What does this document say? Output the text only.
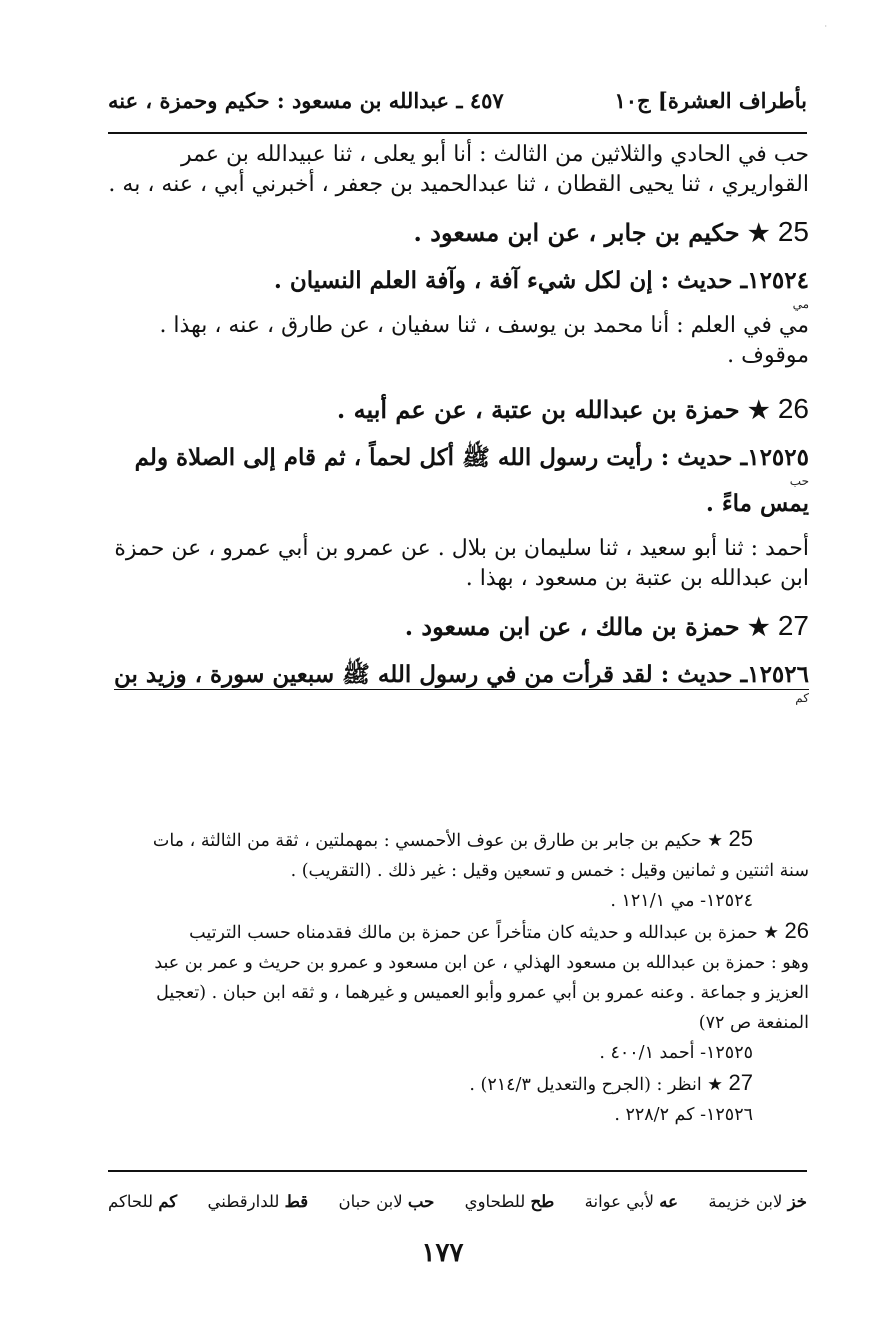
·
بأطراف العشرة] ج١٠
٤٥٧ ـ عبدالله بن مسعود : حكيم وحمزة ، عنه

حب في الحادي والثلاثين من الثالث : أنا أبو يعلى ، ثنا عبيدالله بن عمر

القواريري ، ثنا يحيى القطان ، ثنا عبدالحميد بن جعفر ، أخبرني أبي ، عنه ، به .

25 ★ حكيم بن جابر ، عن ابن مسعود .

١٢٥٢٤ـ حديث : إن لكل شيء آفة ، وآفة العلم النسيان .

مي

مي في العلم : أنا محمد بن يوسف ، ثنا سفيان ، عن طارق ، عنه ، بهذا .

موقوف .

26 ★ حمزة بن عبدالله بن عتبة ، عن عم أبيه .

١٢٥٢٥ـ حديث : رأيت رسول الله ﷺ أكل لحماً ، ثم قام إلى الصلاة ولم

حب

يمس ماءً .

أحمد : ثنا أبو سعيد ، ثنا سليمان بن بلال . عن عمرو بن أبي عمرو ، عن حمزة

ابن عبدالله بن عتبة بن مسعود ، بهذا .

27 ★ حمزة بن مالك ، عن ابن مسعود .

١٢٥٢٦ـ حديث : لقد قرأت من في رسول الله ﷺ سبعين سورة ، وزيد بن

كم

25 ★ حكيم بن جابر بن طارق بن عوف الأحمسي : بمهملتين ، ثقة من الثالثة ، مات

سنة اثنتين و ثمانين وقيل : خمس و تسعين وقيل : غير ذلك . (التقريب) .

١٢٥٢٤- مي ١٢١/١ .

26 ★ حمزة بن عبدالله و حديثه كان متأخراً عن حمزة بن مالك فقدمناه حسب الترتيب

وهو : حمزة بن عبدالله بن مسعود الهذلي ، عن ابن مسعود و عمرو بن حريث و عمر بن عبد

العزيز و جماعة . وعنه عمرو بن أبي عمرو وأبو العميس و غيرهما ، و ثقه ابن حبان . (تعجيل

المنفعة ص ٧٢)

١٢٥٢٥- أحمد ٤٠٠/١ .

27 ★ انظر : (الجرح والتعديل ٢١٤/٣) .

١٢٥٢٦- كم ٢٢٨/٢ .

خز لابن خزيمة
عه لأبي عوانة
طح للطحاوي
حب لابن حبان
قط للدارقطني
كم للحاكم
١٧٧
